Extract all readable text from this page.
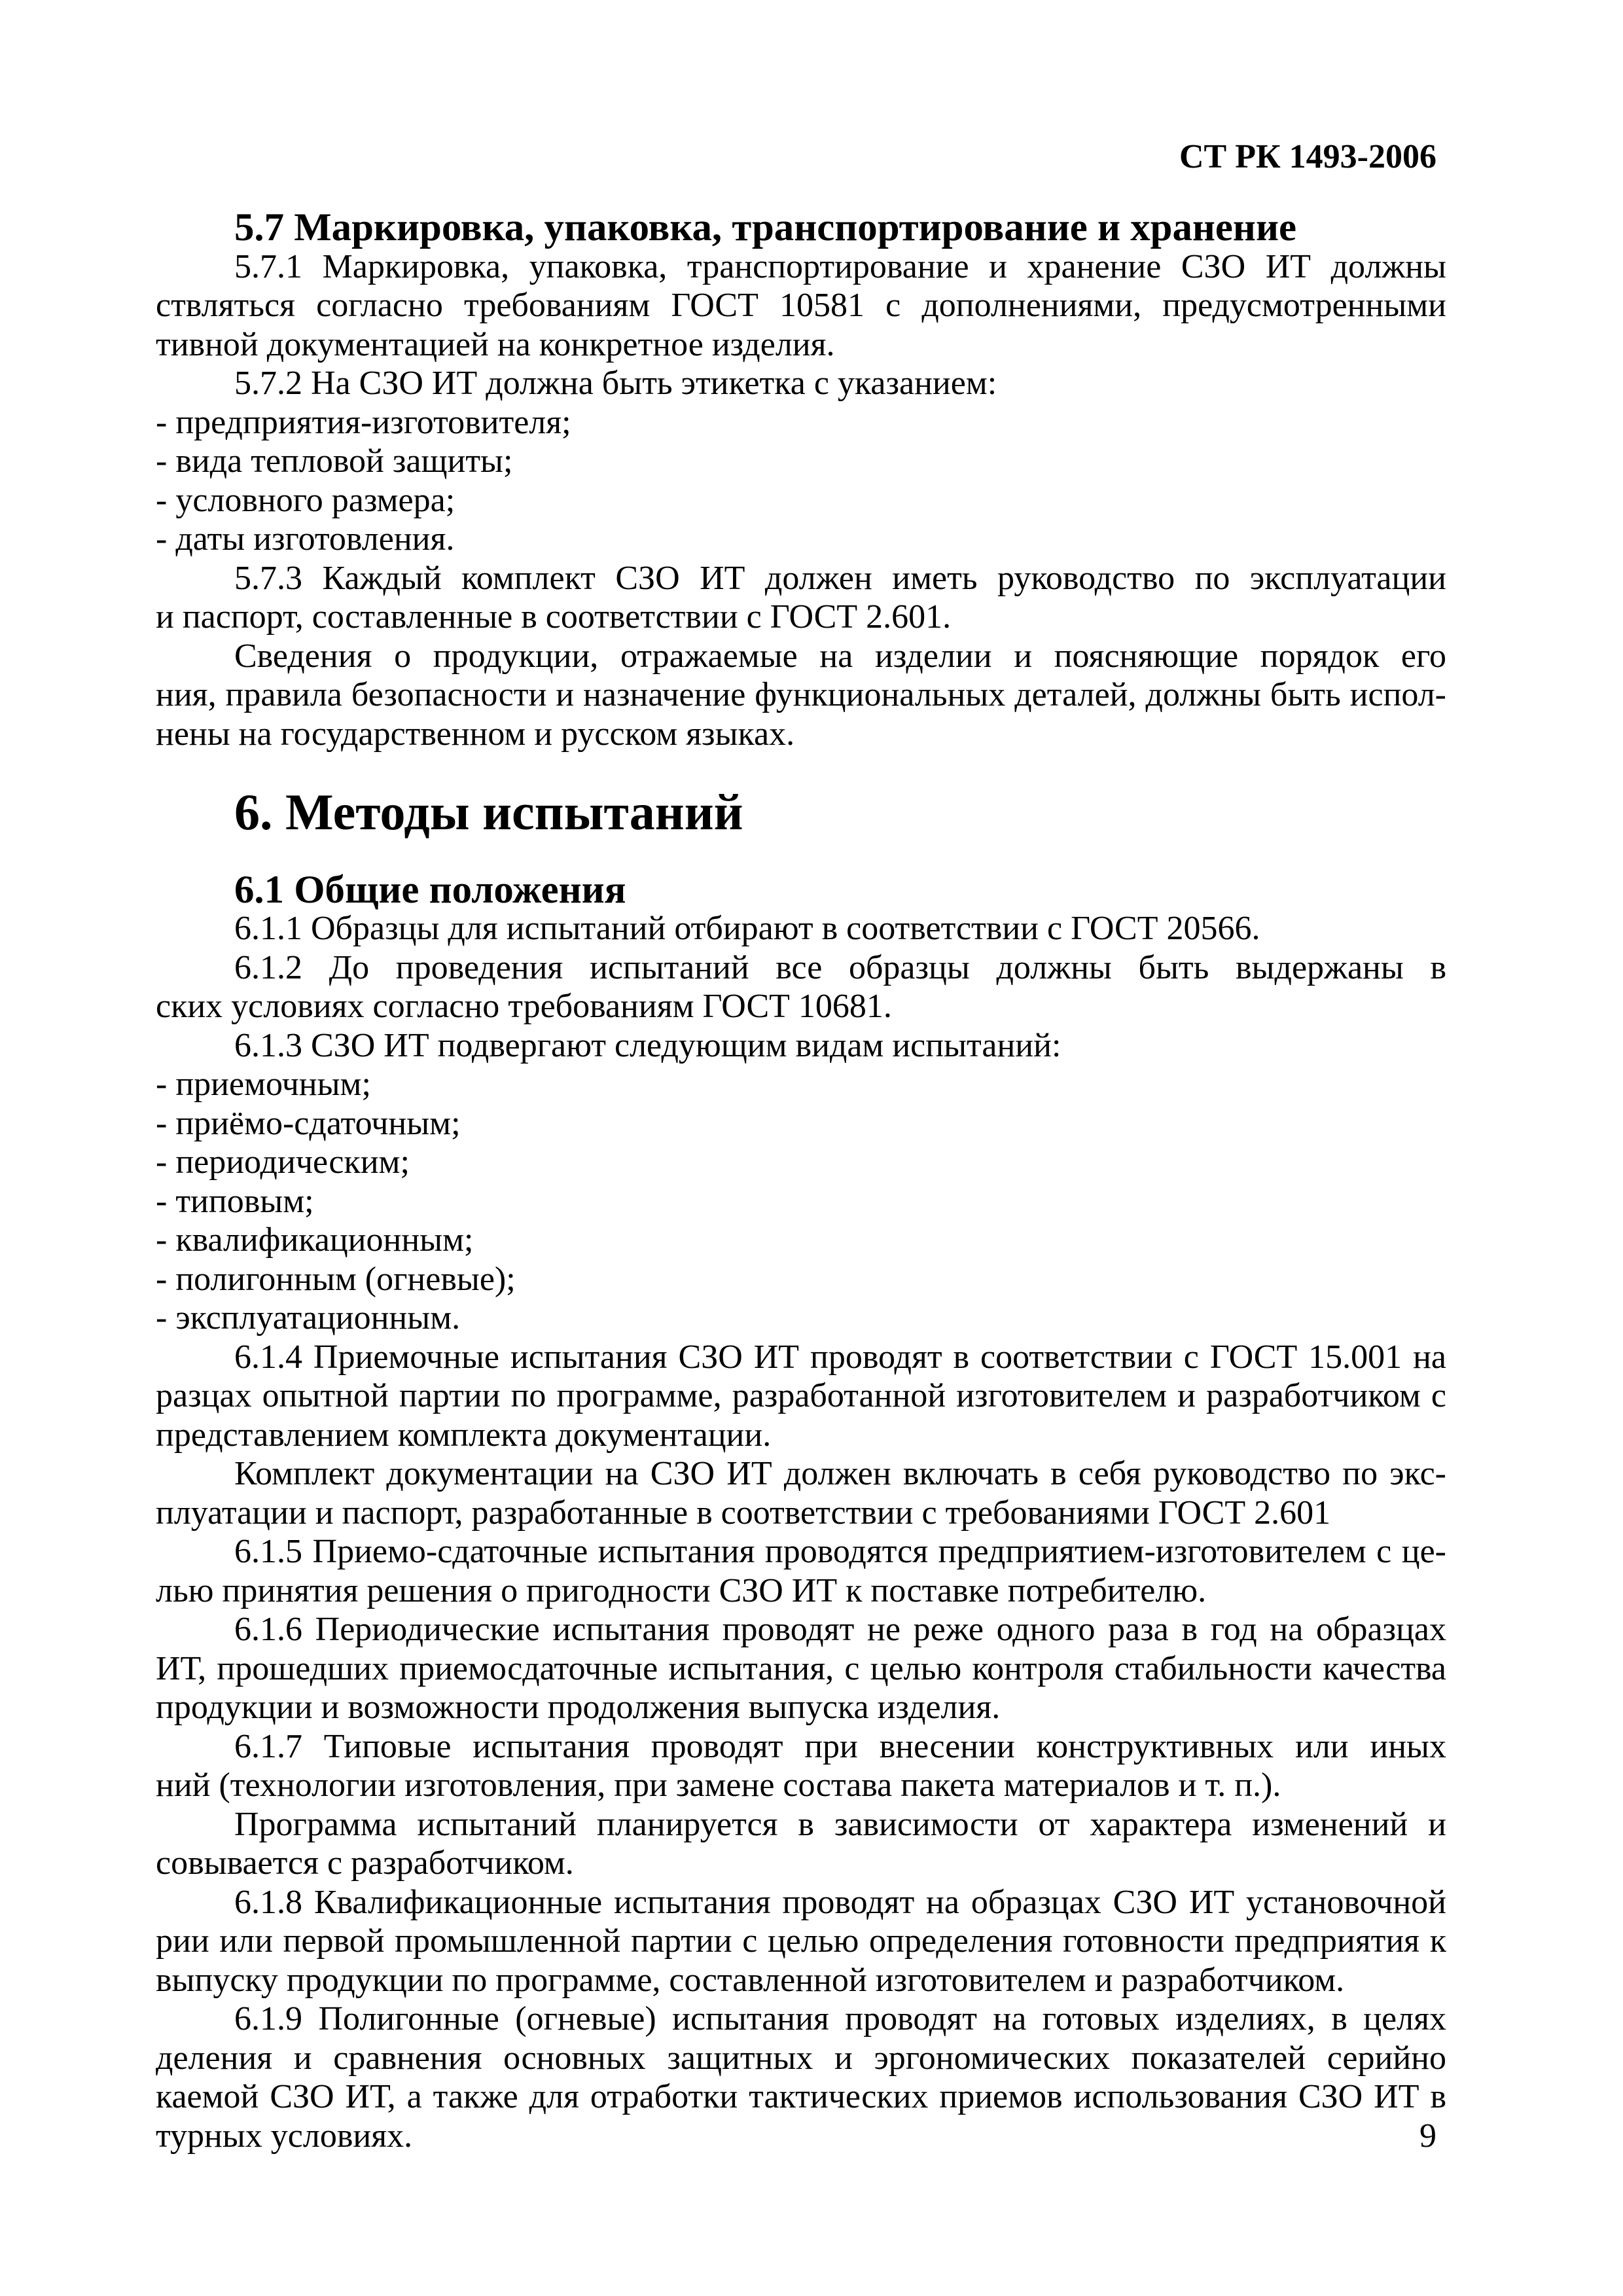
СТ РК 1493-2006
5.7 Маркировка, упаковка, транспортирование и хранение

5.7.1 Маркировка, упаковка, транспортирование и хранение СЗО ИТ должны
ствляться согласно требованиям ГОСТ 10581 с дополнениями, предусмотренными
тивной документацией на конкретное изделия.

5.7.2 На СЗО ИТ должна быть этикетка с указанием:

- предприятия-изготовителя;
- вида тепловой защиты;
- условного размера;
- даты изготовления.

5.7.3 Каждый комплект СЗО ИТ должен иметь руководство по эксплуатации
и паспорт, составленные в соответствии с ГОСТ 2.601.

Сведения о продукции, отражаемые на изделии и поясняющие порядок его
ния, правила безопасности и назначение функциональных деталей, должны быть испол-
нены на государственном и русском языках.

6. Методы испытаний
6.1 Общие положения

6.1.1 Образцы для испытаний отбирают в соответствии с ГОСТ 20566.

6.1.2 До проведения испытаний все образцы должны быть выдержаны в
ских условиях согласно требованиям ГОСТ 10681.

6.1.3 СЗО ИТ подвергают следующим видам испытаний:

- приемочным;
- приёмо-сдаточным;
- периодическим;
- типовым;
- квалификационным;
- полигонным (огневые);
- эксплуатационным.

6.1.4 Приемочные испытания СЗО ИТ проводят в соответствии с ГОСТ 15.001 на
разцах опытной партии по программе, разработанной изготовителем и разработчиком с
представлением комплекта документации.

Комплект документации на СЗО ИТ должен включать в себя руководство по экс-
плуатации и паспорт, разработанные в соответствии с требованиями ГОСТ 2.601

6.1.5 Приемо-сдаточные испытания проводятся предприятием-изготовителем с це-
лью принятия решения о пригодности СЗО ИТ к поставке потребителю.

6.1.6 Периодические испытания проводят не реже одного раза в год на образцах
ИТ, прошедших приемосдаточные испытания, с целью контроля стабильности качества
продукции и возможности продолжения выпуска изделия.

6.1.7 Типовые испытания проводят при внесении конструктивных или иных
ний (технологии изготовления, при замене состава пакета материалов и т. п.).

Программа испытаний планируется в зависимости от характера изменений и
совывается с разработчиком.

6.1.8 Квалификационные испытания проводят на образцах СЗО ИТ установочной
рии или первой промышленной партии с целью определения готовности предприятия к
выпуску продукции по программе, составленной изготовителем и разработчиком.

6.1.9 Полигонные (огневые) испытания проводят на готовых изделиях, в целях
деления и сравнения основных защитных и эргономических показателей серийно
каемой СЗО ИТ, а также для отработки тактических приемов использования СЗО ИТ в
турных условиях.	9
